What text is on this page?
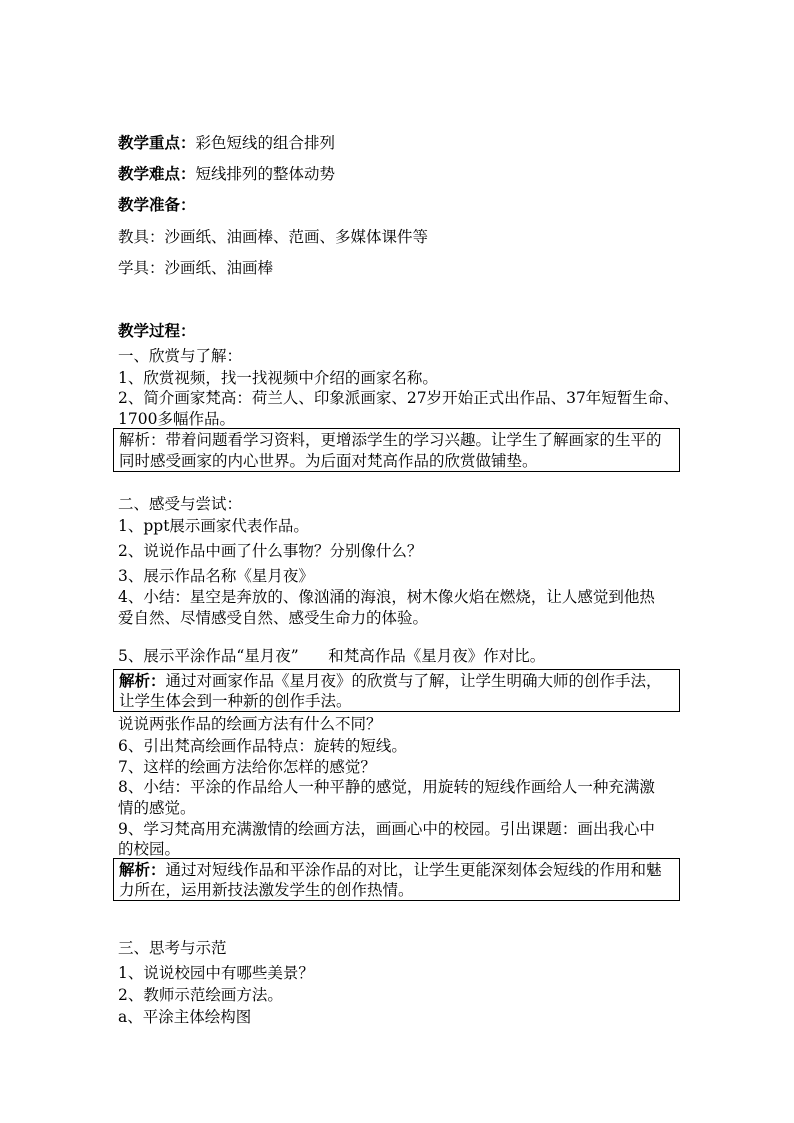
教学重点：彩色短线的组合排列
教学难点：短线排列的整体动势
教学准备：
教具：沙画纸、油画棒、范画、多媒体课件等
学具：沙画纸、油画棒
教学过程：
一、欣赏与了解：
1、欣赏视频，找一找视频中介绍的画家名称。
2、简介画家梵高：荷兰人、印象派画家、27岁开始正式出作品、37年短暂生命、
1700多幅作品。
解析：带着问题看学习资料，更增添学生的学习兴趣。让学生了解画家的生平的
同时感受画家的内心世界。为后面对梵高作品的欣赏做铺垫。
二、感受与尝试：
1、ppt展示画家代表作品。
2、说说作品中画了什么事物？分别像什么？
3、展示作品名称《星月夜》
4、小结：星空是奔放的、像汹涌的海浪，树木像火焰在燃烧，让人感觉到他热
爱自然、尽情感受自然、感受生命力的体验。
5、展示平涂作品“星月夜”      和梵高作品《星月夜》作对比。
解析：通过对画家作品《星月夜》的欣赏与了解，让学生明确大师的创作手法，
让学生体会到一种新的创作手法。
说说两张作品的绘画方法有什么不同？
6、引出梵高绘画作品特点：旋转的短线。
7、这样的绘画方法给你怎样的感觉？
8、小结：平涂的作品给人一种平静的感觉，用旋转的短线作画给人一种充满激
情的感觉。
9、学习梵高用充满激情的绘画方法，画画心中的校园。引出课题：画出我心中
的校园。
解析：通过对短线作品和平涂作品的对比，让学生更能深刻体会短线的作用和魅
力所在，运用新技法激发学生的创作热情。
三、思考与示范
1、说说校园中有哪些美景？
2、教师示范绘画方法。
a、平涂主体绘构图
